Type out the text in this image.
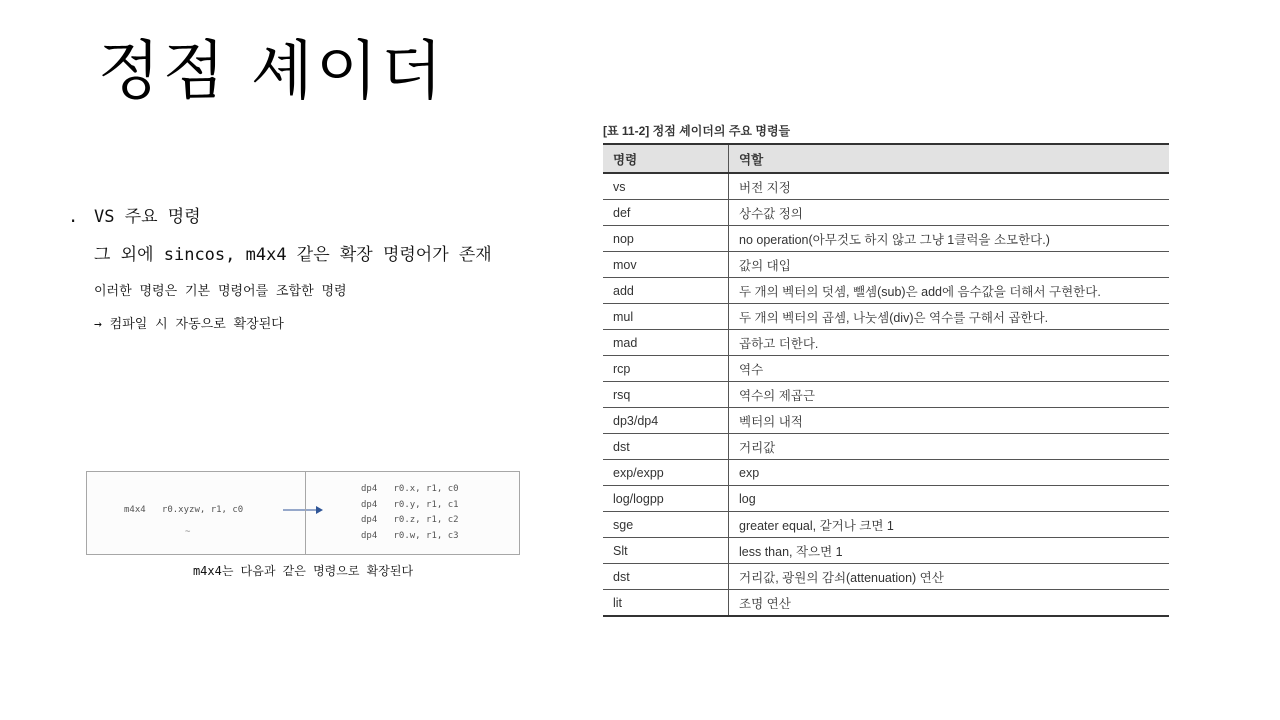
정점 셰이더
. VS 주요 명령
그 외에 sincos, m4x4 같은 확장 명령어가 존재
이러한 명령은 기본 명령어를 조합한 명령
→ 컴파일 시 자동으로 확장된다
m4x4   r0.xyzw, r1, c0
~
dp4   r0.x, r1, c0
dp4   r0.y, r1, c1
dp4   r0.z, r1, c2
dp4   r0.w, r1, c3
m4x4는 다음과 같은 명령으로 확장된다
[표 11-2] 정점 셰이더의 주요 명령들
명령	역할
vs	버전 지정
def	상수값 정의
nop	no operation(아무것도 하지 않고 그냥 1클럭을 소모한다.)
mov	값의 대입
add	두 개의 벡터의 덧셈, 뺄셈(sub)은 add에 음수값을 더해서 구현한다.
mul	두 개의 벡터의 곱셈, 나눗셈(div)은 역수를 구해서 곱한다.
mad	곱하고 더한다.
rcp	역수
rsq	역수의 제곱근
dp3/dp4	벡터의 내적
dst	거리값
exp/expp	exp
log/logpp	log
sge	greater equal, 같거나 크면 1
Slt	less than, 작으면 1
dst	거리값, 광원의 감쇠(attenuation) 연산
lit	조명 연산
